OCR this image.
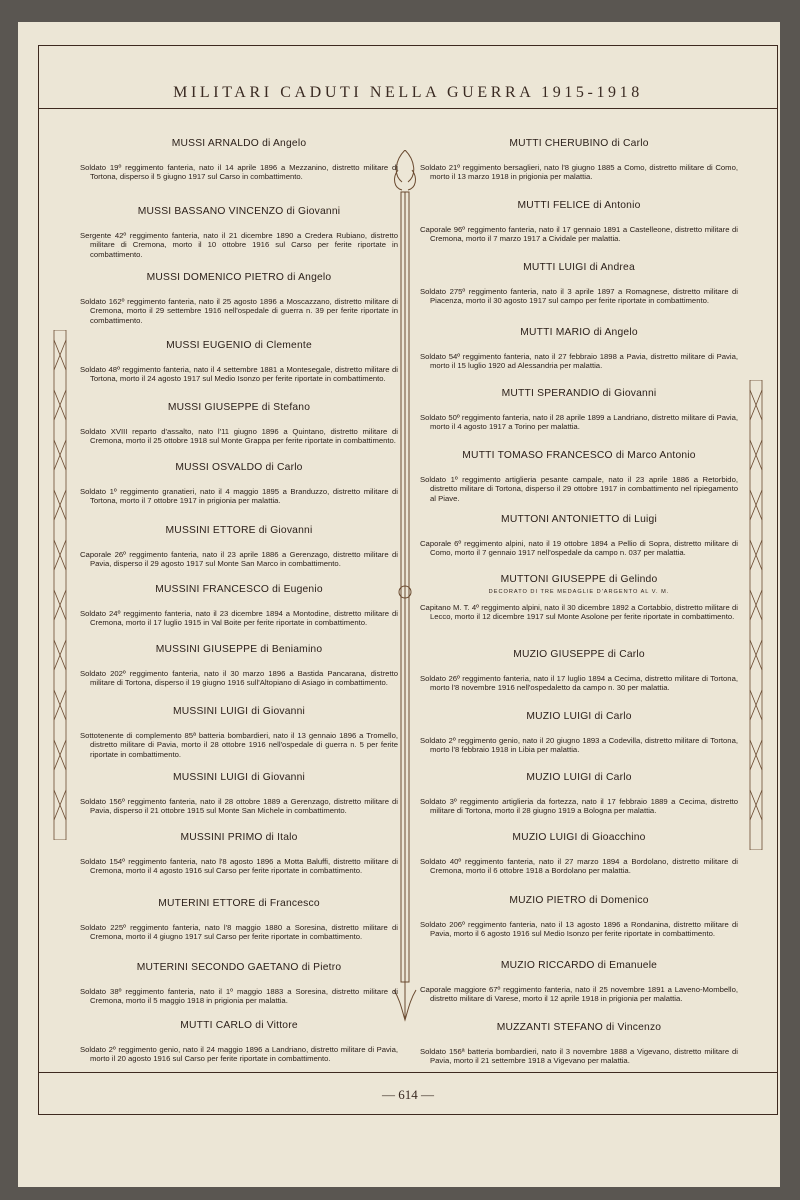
MILITARI CADUTI NELLA GUERRA 1915-1918
— 614 —
MUSSI ARNALDO di Angelo
Soldato 19º reggimento fanteria, nato il 14 aprile 1896 a Mezzanino, distretto militare di Tortona, disperso il 5 giugno 1917 sul Carso in combattimento.
MUSSI BASSANO VINCENZO di Giovanni
Sergente 42º reggimento fanteria, nato il 21 dicembre 1890 a Credera Rubiano, distretto militare di Cremona, morto il 10 ottobre 1916 sul Carso per ferite riportate in combattimento.
MUSSI DOMENICO PIETRO di Angelo
Soldato 162º reggimento fanteria, nato il 25 agosto 1896 a Moscazzano, distretto militare di Cremona, morto il 29 settembre 1916 nell'ospedale di guerra n. 39 per ferite riportate in combattimento.
MUSSI EUGENIO di Clemente
Soldato 48º reggimento fanteria, nato il 4 settembre 1881 a Montesegale, distretto militare di Tortona, morto il 24 agosto 1917 sul Medio Isonzo per ferite riportate in combattimento.
MUSSI GIUSEPPE di Stefano
Soldato XVIII reparto d'assalto, nato l'11 giugno 1896 a Quintano, distretto militare di Cremona, morto il 25 ottobre 1918 sul Monte Grappa per ferite riportate in combattimento.
MUSSI OSVALDO di Carlo
Soldato 1º reggimento granatieri, nato il 4 maggio 1895 a Branduzzo, distretto militare di Tortona, morto il 7 ottobre 1917 in prigionia per malattia.
MUSSINI ETTORE di Giovanni
Caporale 26º reggimento fanteria, nato il 23 aprile 1886 a Gerenzago, distretto militare di Pavia, disperso il 29 agosto 1917 sul Monte San Marco in combattimento.
MUSSINI FRANCESCO di Eugenio
Soldato 24º reggimento fanteria, nato il 23 dicembre 1894 a Montodine, distretto militare di Cremona, morto il 17 luglio 1915 in Val Boite per ferite riportate in combattimento.
MUSSINI GIUSEPPE di Beniamino
Soldato 202º reggimento fanteria, nato il 30 marzo 1896 a Bastida Pancarana, distretto militare di Tortona, disperso il 19 giugno 1916 sull'Altopiano di Asiago in combattimento.
MUSSINI LUIGI di Giovanni
Sottotenente di complemento 85ª batteria bombardieri, nato il 13 gennaio 1896 a Tromello, distretto militare di Pavia, morto il 28 ottobre 1916 nell'ospedale di guerra n. 5 per ferite riportate in combattimento.
MUSSINI LUIGI di Giovanni
Soldato 156º reggimento fanteria, nato il 28 ottobre 1889 a Gerenzago, distretto militare di Pavia, disperso il 21 ottobre 1915 sul Monte San Michele in combattimento.
MUSSINI PRIMO di Italo
Soldato 154º reggimento fanteria, nato l'8 agosto 1896 a Motta Baluffi, distretto militare di Cremona, morto il 4 agosto 1916 sul Carso per ferite riportate in combattimento.
MUTERINI ETTORE di Francesco
Soldato 225º reggimento fanteria, nato l'8 maggio 1880 a Soresina, distretto militare di Cremona, morto il 4 giugno 1917 sul Carso per ferite riportate in combattimento.
MUTERINI SECONDO GAETANO di Pietro
Soldato 38º reggimento fanteria, nato il 1º maggio 1883 a Soresina, distretto militare di Cremona, morto il 5 maggio 1918 in prigionia per malattia.
MUTTI CARLO di Vittore
Soldato 2º reggimento genio, nato il 24 maggio 1896 a Landriano, distretto militare di Pavia, morto il 20 agosto 1916 sul Carso per ferite riportate in combattimento.
MUTTI CHERUBINO di Carlo
Soldato 21º reggimento bersaglieri, nato l'8 giugno 1885 a Como, distretto militare di Como, morto il 13 marzo 1918 in prigionia per malattia.
MUTTI FELICE di Antonio
Caporale 96º reggimento fanteria, nato il 17 gennaio 1891 a Castelleone, distretto militare di Cremona, morto il 7 marzo 1917 a Cividale per malattia.
MUTTI LUIGI di Andrea
Soldato 275º reggimento fanteria, nato il 3 aprile 1897 a Romagnese, distretto militare di Piacenza, morto il 30 agosto 1917 sul campo per ferite riportate in combattimento.
MUTTI MARIO di Angelo
Soldato 54º reggimento fanteria, nato il 27 febbraio 1898 a Pavia, distretto militare di Pavia, morto il 15 luglio 1920 ad Alessandria per malattia.
MUTTI SPERANDIO di Giovanni
Soldato 50º reggimento fanteria, nato il 28 aprile 1899 a Landriano, distretto militare di Pavia, morto il 4 agosto 1917 a Torino per malattia.
MUTTI TOMASO FRANCESCO di Marco Antonio
Soldato 1º reggimento artiglieria pesante campale, nato il 23 aprile 1886 a Retorbido, distretto militare di Tortona, disperso il 29 ottobre 1917 in combattimento nel ripiegamento al Piave.
MUTTONI ANTONIETTO di Luigi
Caporale 6º reggimento alpini, nato il 19 ottobre 1894 a Pellio di Sopra, distretto militare di Como, morto il 7 gennaio 1917 nell'ospedale da campo n. 037 per malattia.
MUTTONI GIUSEPPE di Gelindo
DECORATO DI TRE MEDAGLIE D'ARGENTO AL V. M.
Capitano M. T. 4º reggimento alpini, nato il 30 dicembre 1892 a Cortabbio, distretto militare di Lecco, morto il 12 dicembre 1917 sul Monte Asolone per ferite riportate in combattimento.
MUZIO GIUSEPPE di Carlo
Soldato 26º reggimento fanteria, nato il 17 luglio 1894 a Cecima, distretto militare di Tortona, morto l'8 novembre 1916 nell'ospedaletto da campo n. 30 per malattia.
MUZIO LUIGI di Carlo
Soldato 2º reggimento genio, nato il 20 giugno 1893 a Codevilla, distretto militare di Tortona, morto l'8 febbraio 1918 in Libia per malattia.
MUZIO LUIGI di Carlo
Soldato 3º reggimento artiglieria da fortezza, nato il 17 febbraio 1889 a Cecima, distretto militare di Tortona, morto il 28 giugno 1919 a Bologna per malattia.
MUZIO LUIGI di Gioacchino
Soldato 40º reggimento fanteria, nato il 27 marzo 1894 a Bordolano, distretto militare di Cremona, morto il 6 ottobre 1918 a Bordolano per malattia.
MUZIO PIETRO di Domenico
Soldato 206º reggimento fanteria, nato il 13 agosto 1896 a Rondanina, distretto militare di Pavia, morto il 6 agosto 1916 sul Medio Isonzo per ferite riportate in combattimento.
MUZIO RICCARDO di Emanuele
Caporale maggiore 67º reggimento fanteria, nato il 25 novembre 1891 a Laveno-Mombello, distretto militare di Varese, morto il 12 aprile 1918 in prigionia per malattia.
MUZZANTI STEFANO di Vincenzo
Soldato 156ª batteria bombardieri, nato il 3 novembre 1888 a Vigevano, distretto militare di Pavia, morto il 21 settembre 1918 a Vigevano per malattia.
